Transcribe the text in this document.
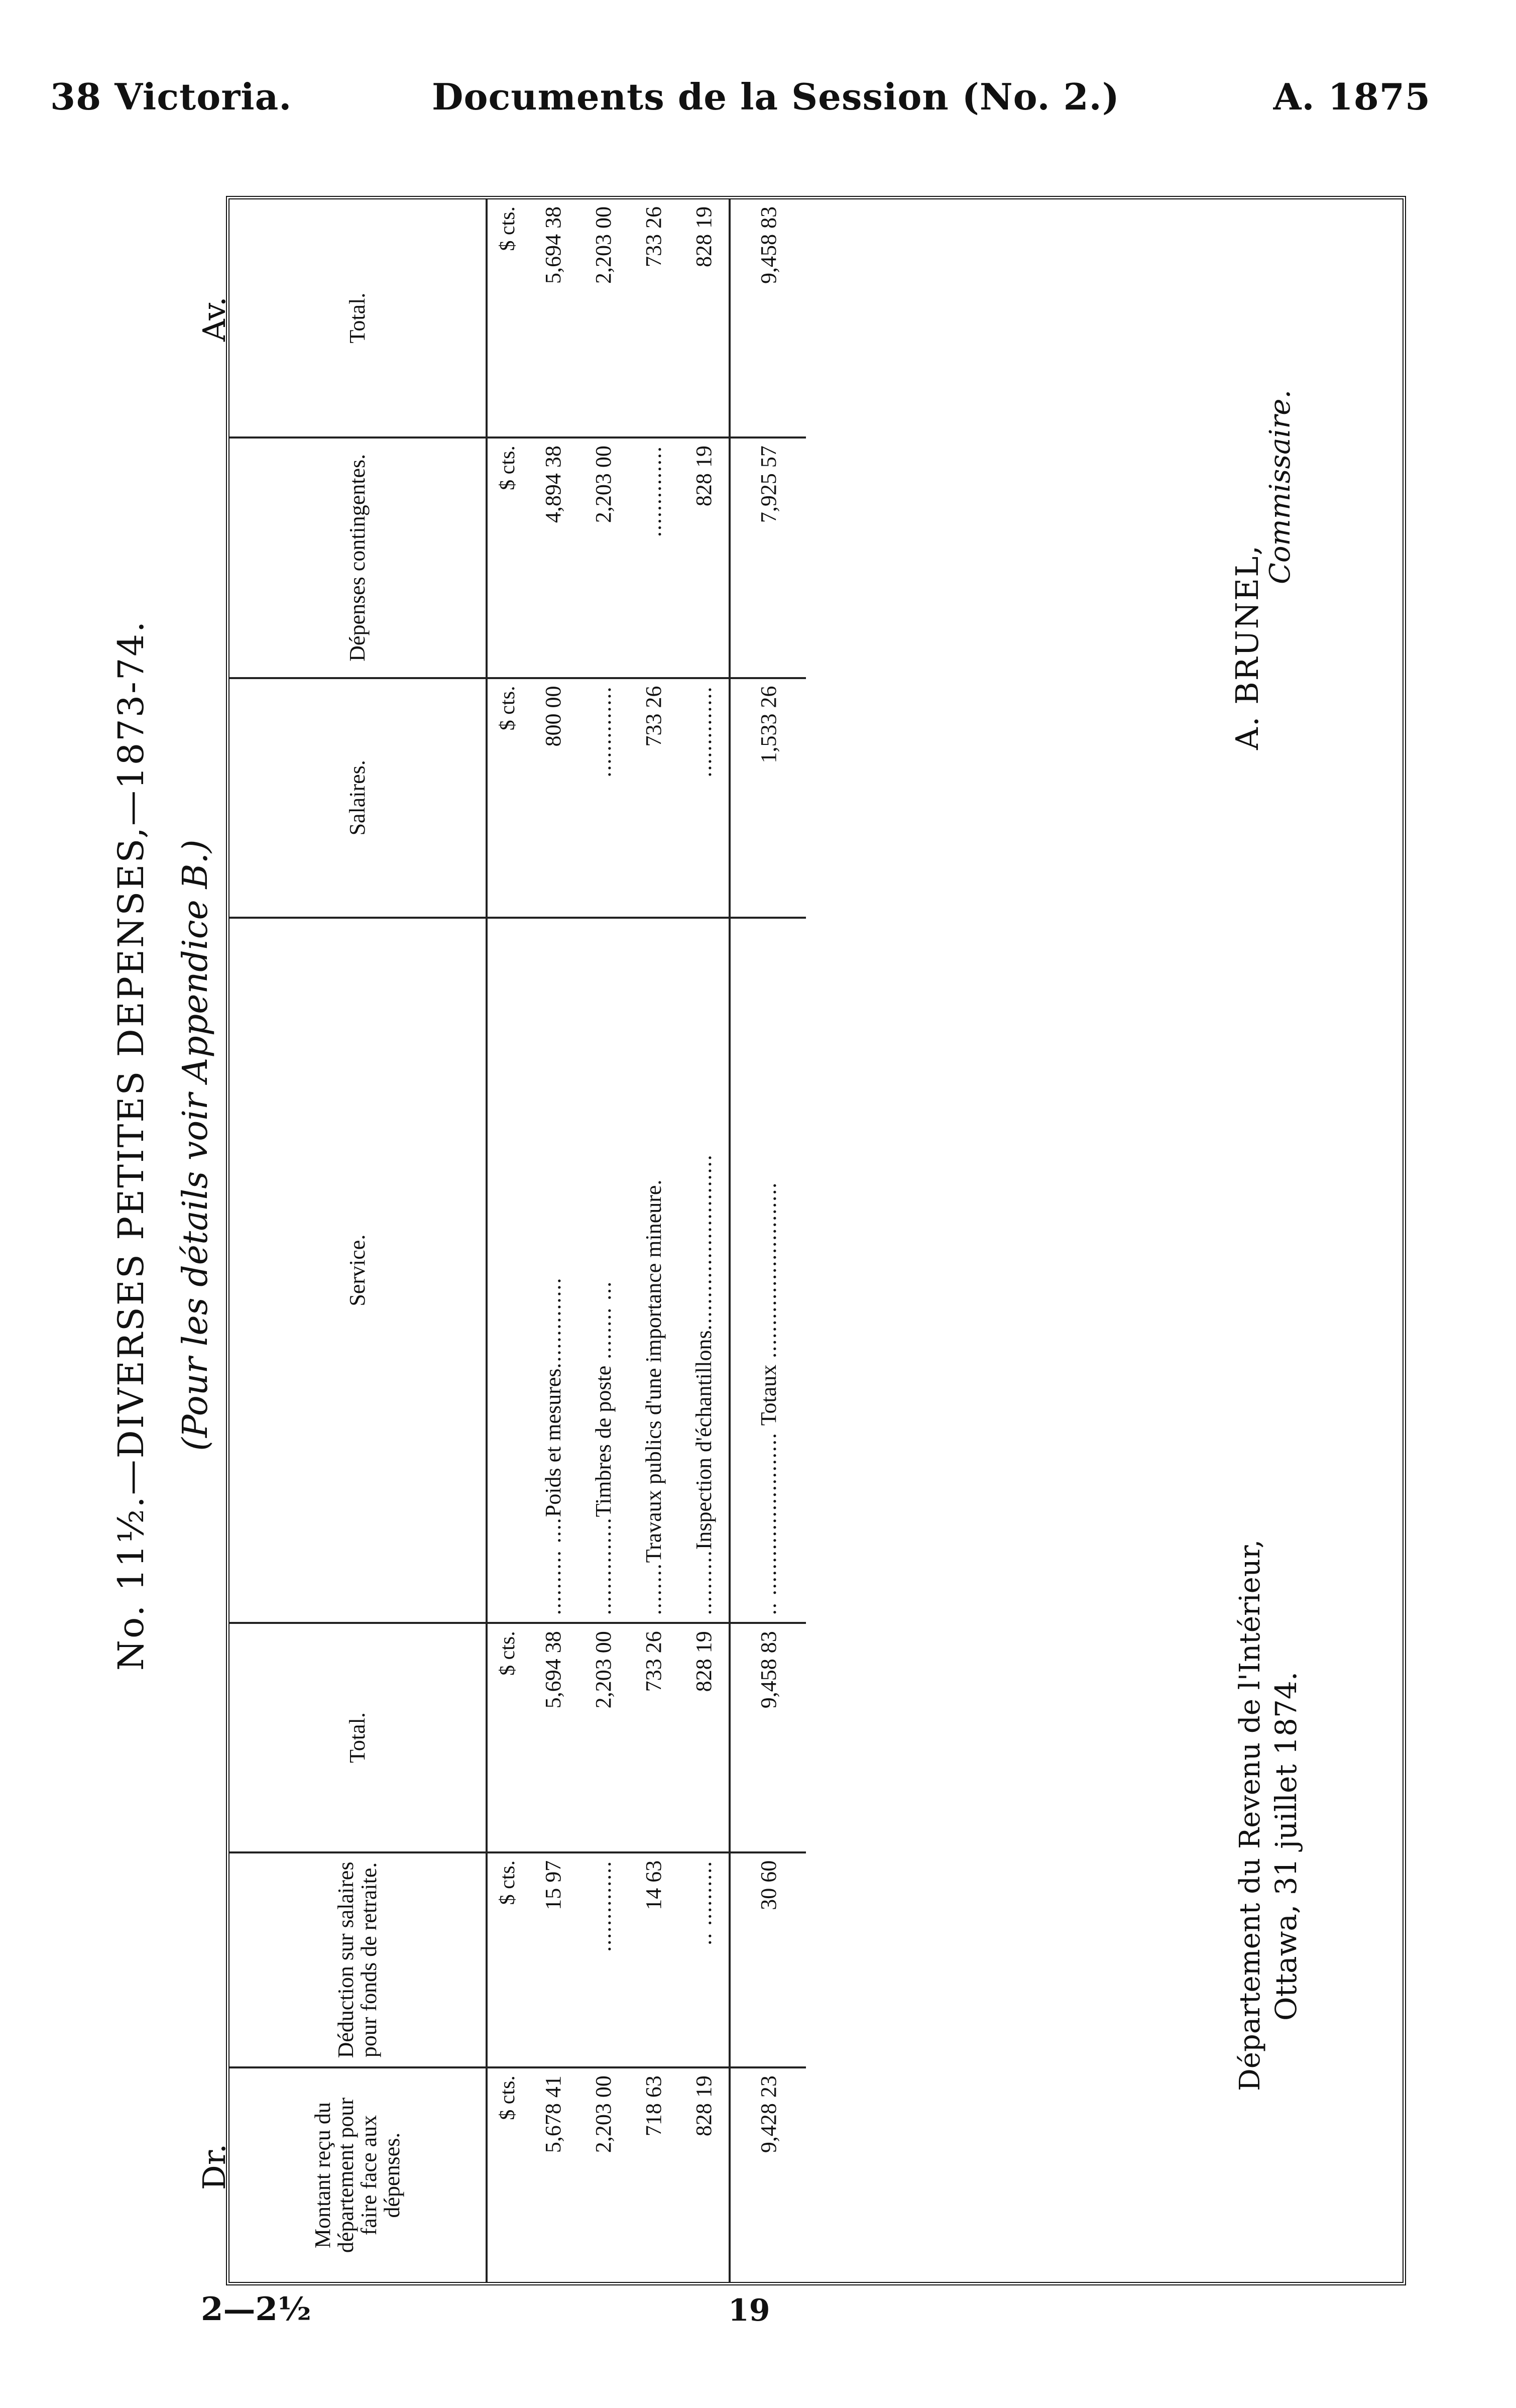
38 Victoria.	Documents de la Session (No. 2.)	A. 1875
No. 11½.—DIVERSES PETITES DEPENSES,—1873-74. (Pour les détails voir Appendice B.)
Dr.
Av.
Montant reçu du département pour faire face aux dépenses.	Déduction sur salaires pour fonds de retraite.	Total.	Service.	Salaires.	Dépenses contingentes.	Total.
$ cts.	$ cts.	$ cts.		$ cts.	$ cts.	$ cts.
5,678 41	15 97	5,694 38	.......... ....Poids et mesures..............	800 00	4,894 38	5,694 38
2,203 00	..............	2,203 00	...............Timbres de poste ........ ...	..............	2,203 00	2,203 00
718 63	14 63	733 26	........Travaux publics d'une importance mineure.	733 26	..............	733 26
828 19	.. ..........	828 19	..........Inspection d'échantillons...........................	..............	828 19	828 19
9,428 23	30 60	9,458 83	.. ......................... Totaux ...........................	1,533 26	7,925 57	9,458 83
Département du Revenu de l'Intérieur, Ottawa, 31 juillet 1874.
A. BRUNEL,
Commissaire.
2—2½	19
